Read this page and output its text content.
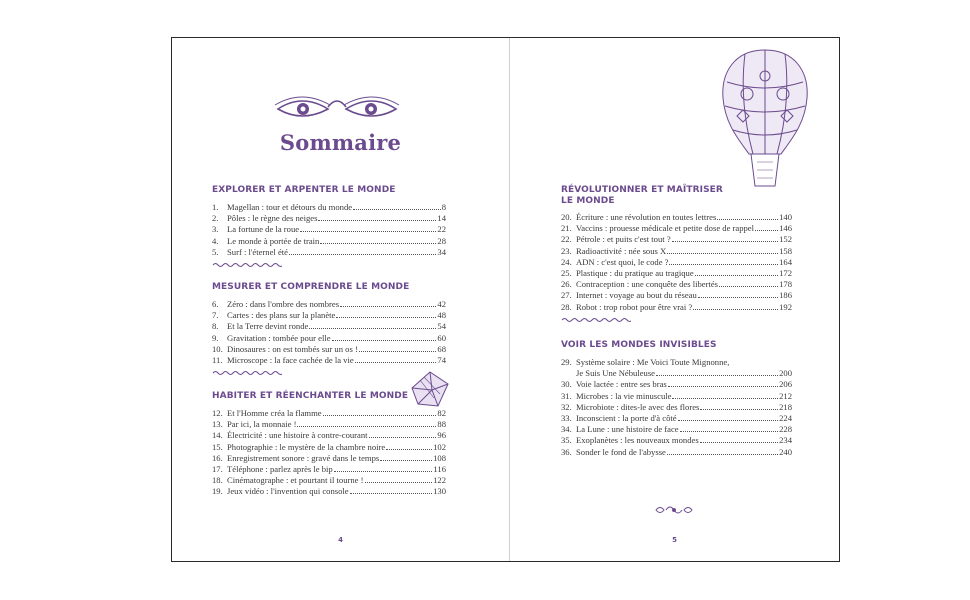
Sommaire
EXPLORER ET ARPENTER LE MONDE
1. Magellan : tour et détours du monde	8
2. Pôles : le règne des neiges	14
3. La fortune de la roue	22
4. Le monde à portée de train	28
5. Surf : l'éternel été	34
MESURER ET COMPRENDRE LE MONDE
6. Zéro : dans l'ombre des nombres	42
7. Cartes : des plans sur la planète	48
8. Et la Terre devint ronde	54
9. Gravitation : tombée pour elle	60
10. Dinosaures : on est tombés sur un os !	68
11. Microscope : la face cachée de la vie	74
HABITER ET RÉENCHANTER LE MONDE
12. Et l'Homme créa la flamme	82
13. Par ici, la monnaie !	88
14. Électricité : une histoire à contre-courant	96
15. Photographie : le mystère de la chambre noire	102
16. Enregistrement sonore : gravé dans le temps	108
17. Téléphone : parlez après le bip	116
18. Cinématographe : et pourtant il tourne !	122
19. Jeux vidéo : l'invention qui console	130
4
RÉVOLUTIONNER ET MAÎTRISER
LE MONDE
20. Écriture : une révolution en toutes lettres	140
21. Vaccins : prouesse médicale et petite dose de rappel	146
22. Pétrole : et puits c'est tout ?	152
23. Radioactivité : née sous X	158
24. ADN : c'est quoi, le code ?	164
25. Plastique : du pratique au tragique	172
26. Contraception : une conquête des libertés	178
27. Internet : voyage au bout du réseau	186
28. Robot : trop robot pour être vrai ?	192
VOIR LES MONDES INVISIBLES
29. Système solaire : Me Voici Toute Mignonne,
Je Suis Une Nébuleuse	200
30. Voie lactée : entre ses bras	206
31. Microbes : la vie minuscule	212
32. Microbiote : dites-le avec des flores	218
33. Inconscient : la porte d'à côté	224
34. La Lune : une histoire de face	228
35. Exoplanètes : les nouveaux mondes	234
36. Sonder le fond de l'abysse	240
5
